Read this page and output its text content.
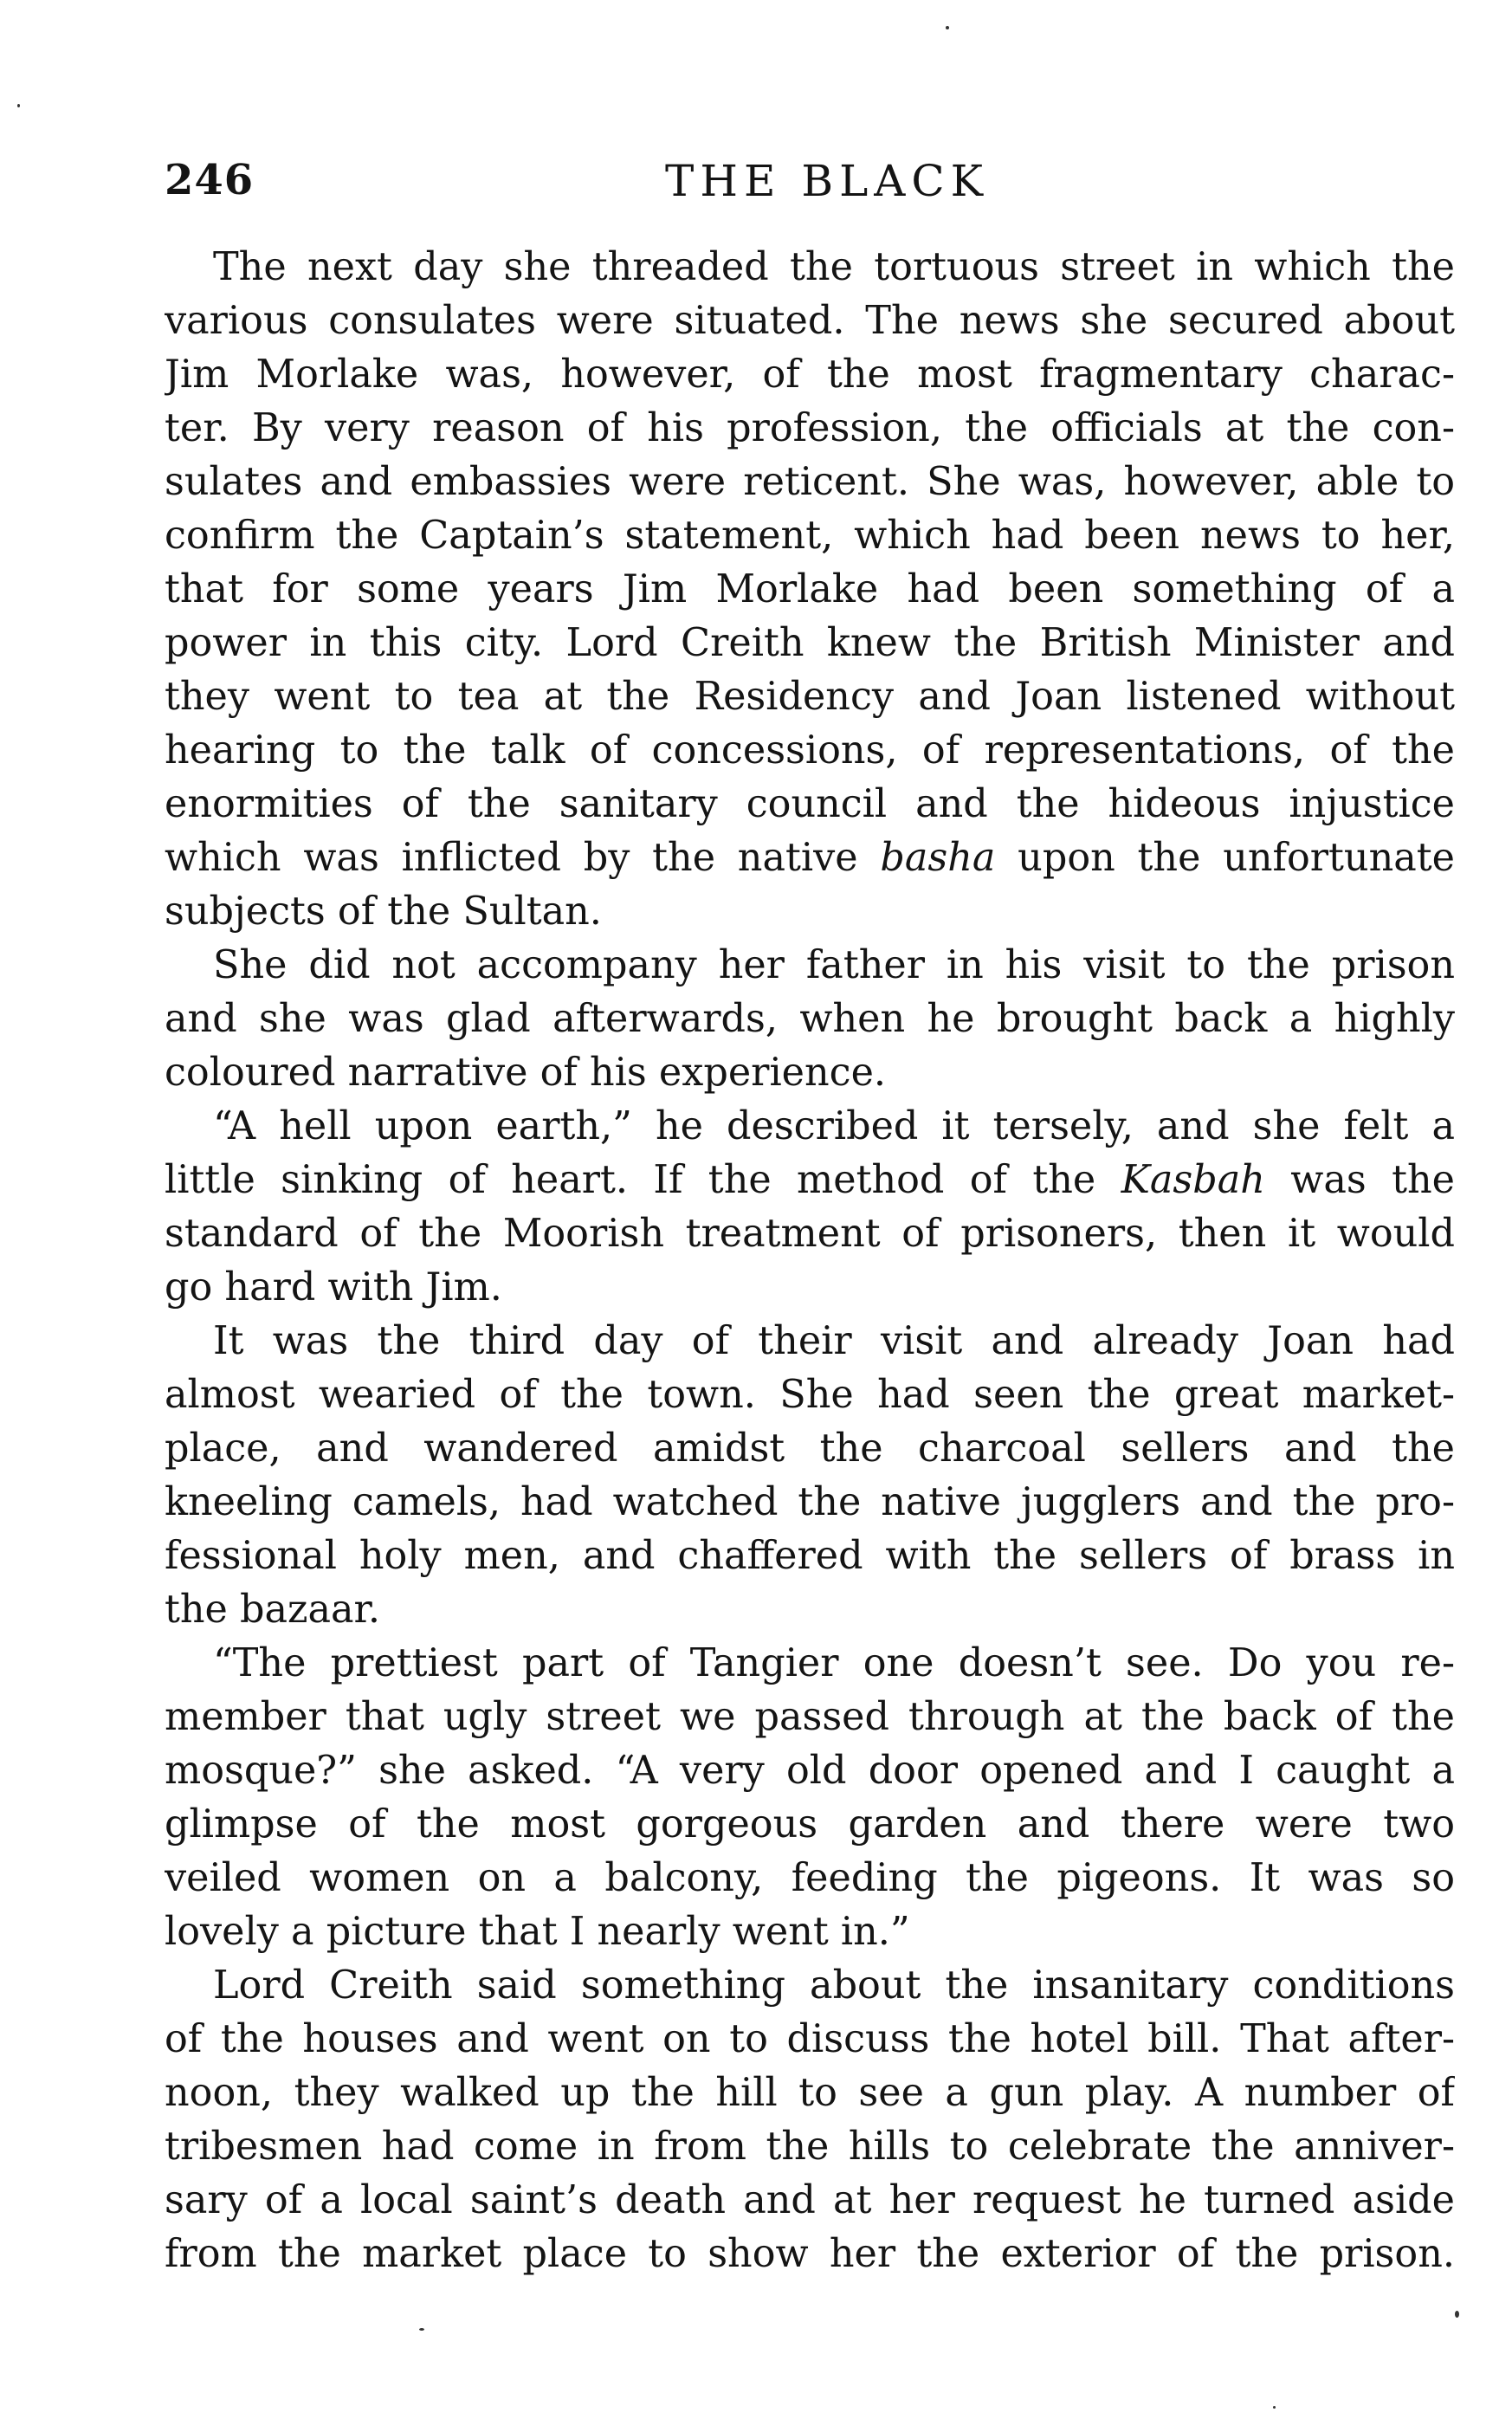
246	THE BLACK
The next day she threaded the tortuous street in which the
various consulates were situated. The news she secured about
Jim Morlake was, however, of the most fragmentary charac-
ter. By very reason of his profession, the officials at the con-
sulates and embassies were reticent. She was, however, able to
confirm the Captain’s statement, which had been news to her,
that for some years Jim Morlake had been something of a
power in this city. Lord Creith knew the British Minister and
they went to tea at the Residency and Joan listened without
hearing to the talk of concessions, of representations, of the
enormities of the sanitary council and the hideous injustice
which was inflicted by the native basha upon the unfortunate
subjects of the Sultan.
She did not accompany her father in his visit to the prison
and she was glad afterwards, when he brought back a highly
coloured narrative of his experience.
“A hell upon earth,” he described it tersely, and she felt a
little sinking of heart. If the method of the Kasbah was the
standard of the Moorish treatment of prisoners, then it would
go hard with Jim.
It was the third day of their visit and already Joan had
almost wearied of the town. She had seen the great market-
place, and wandered amidst the charcoal sellers and the
kneeling camels, had watched the native jugglers and the pro-
fessional holy men, and chaffered with the sellers of brass in
the bazaar.
“The prettiest part of Tangier one doesn’t see. Do you re-
member that ugly street we passed through at the back of the
mosque?” she asked. “A very old door opened and I caught a
glimpse of the most gorgeous garden and there were two
veiled women on a balcony, feeding the pigeons. It was so
lovely a picture that I nearly went in.”
Lord Creith said something about the insanitary conditions
of the houses and went on to discuss the hotel bill. That after-
noon, they walked up the hill to see a gun play. A number of
tribesmen had come in from the hills to celebrate the anniver-
sary of a local saint’s death and at her request he turned aside
from the market place to show her the exterior of the prison.
